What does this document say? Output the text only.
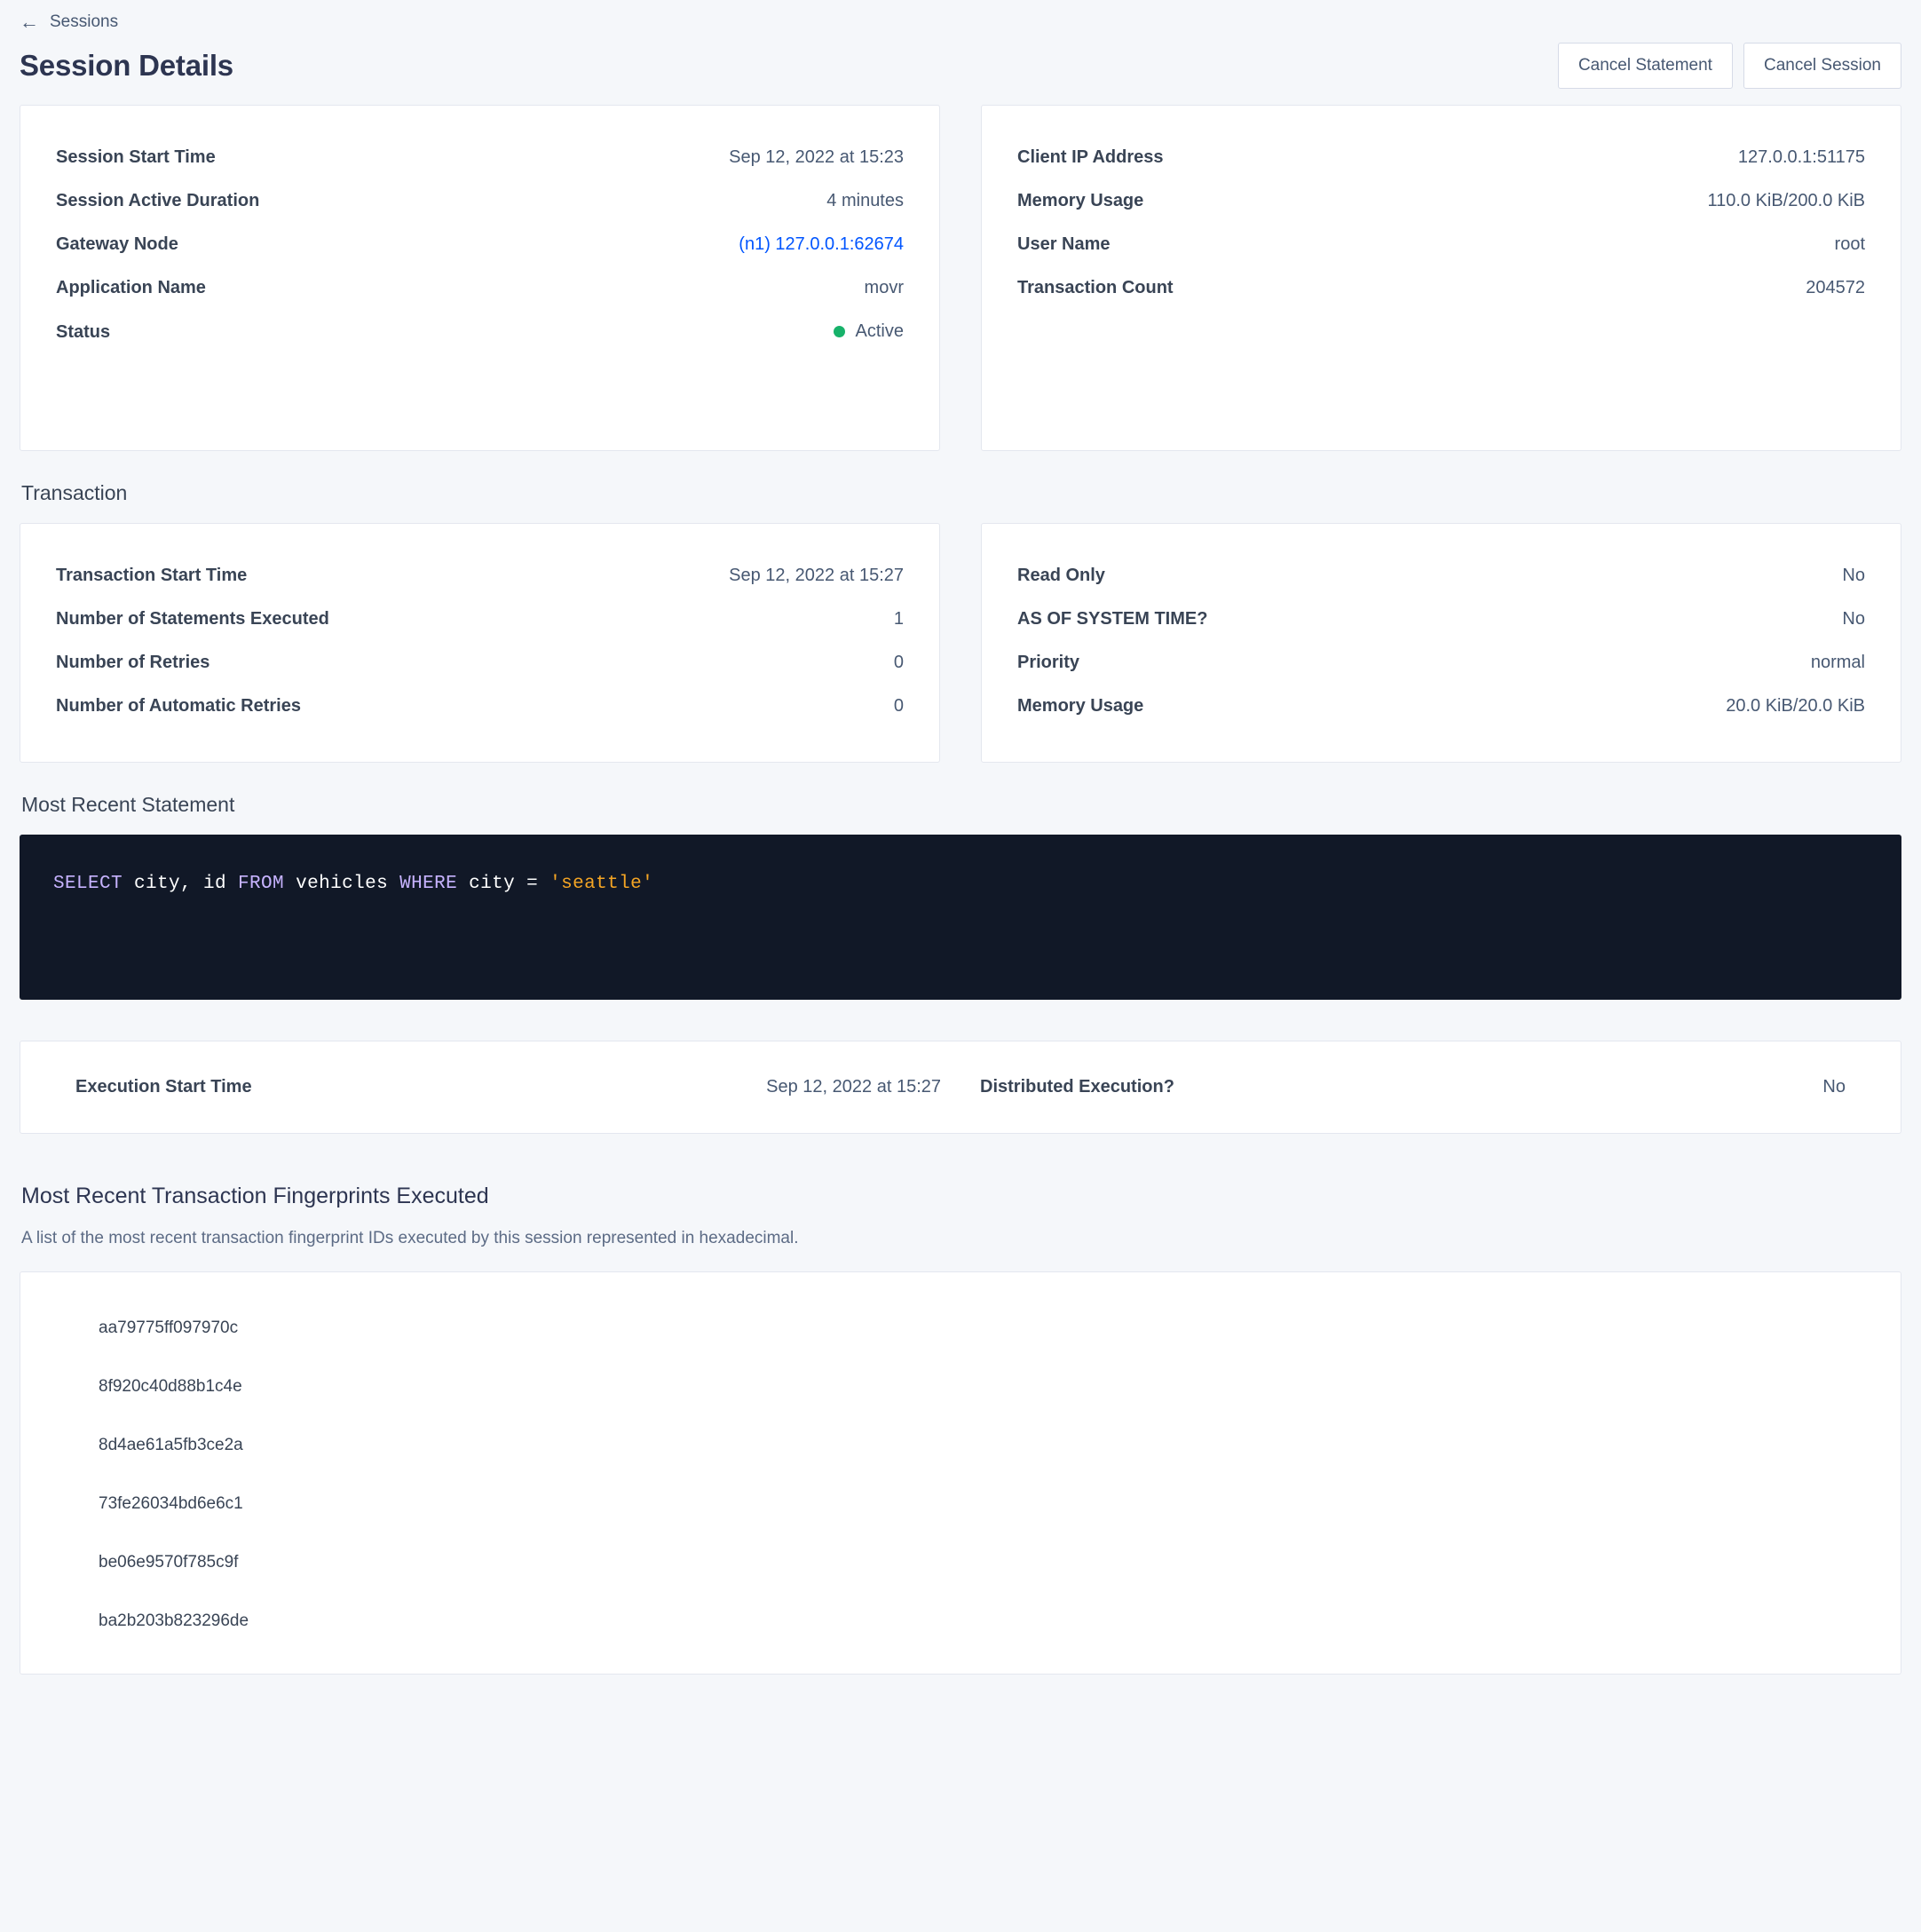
← Sessions
Session Details	Cancel Statement	Cancel Session
Session Start Time	Sep 12, 2022 at 15:23
Session Active Duration	4 minutes
Gateway Node	(n1) 127.0.0.1:62674
Application Name	movr
Status	Active
Client IP Address	127.0.0.1:51175
Memory Usage	110.0 KiB/200.0 KiB
User Name	root
Transaction Count	204572
Transaction
Transaction Start Time	Sep 12, 2022 at 15:27
Number of Statements Executed	1
Number of Retries	0
Number of Automatic Retries	0
Read Only	No
AS OF SYSTEM TIME?	No
Priority	normal
Memory Usage	20.0 KiB/20.0 KiB
Most Recent Statement
SELECT city, id FROM vehicles WHERE city = 'seattle'
Execution Start Time	Sep 12, 2022 at 15:27 Distributed Execution?	No
Most Recent Transaction Fingerprints Executed
A list of the most recent transaction fingerprint IDs executed by this session represented in hexadecimal.
aa79775ff097970c
8f920c40d88b1c4e
8d4ae61a5fb3ce2a
73fe26034bd6e6c1
be06e9570f785c9f
ba2b203b823296de
